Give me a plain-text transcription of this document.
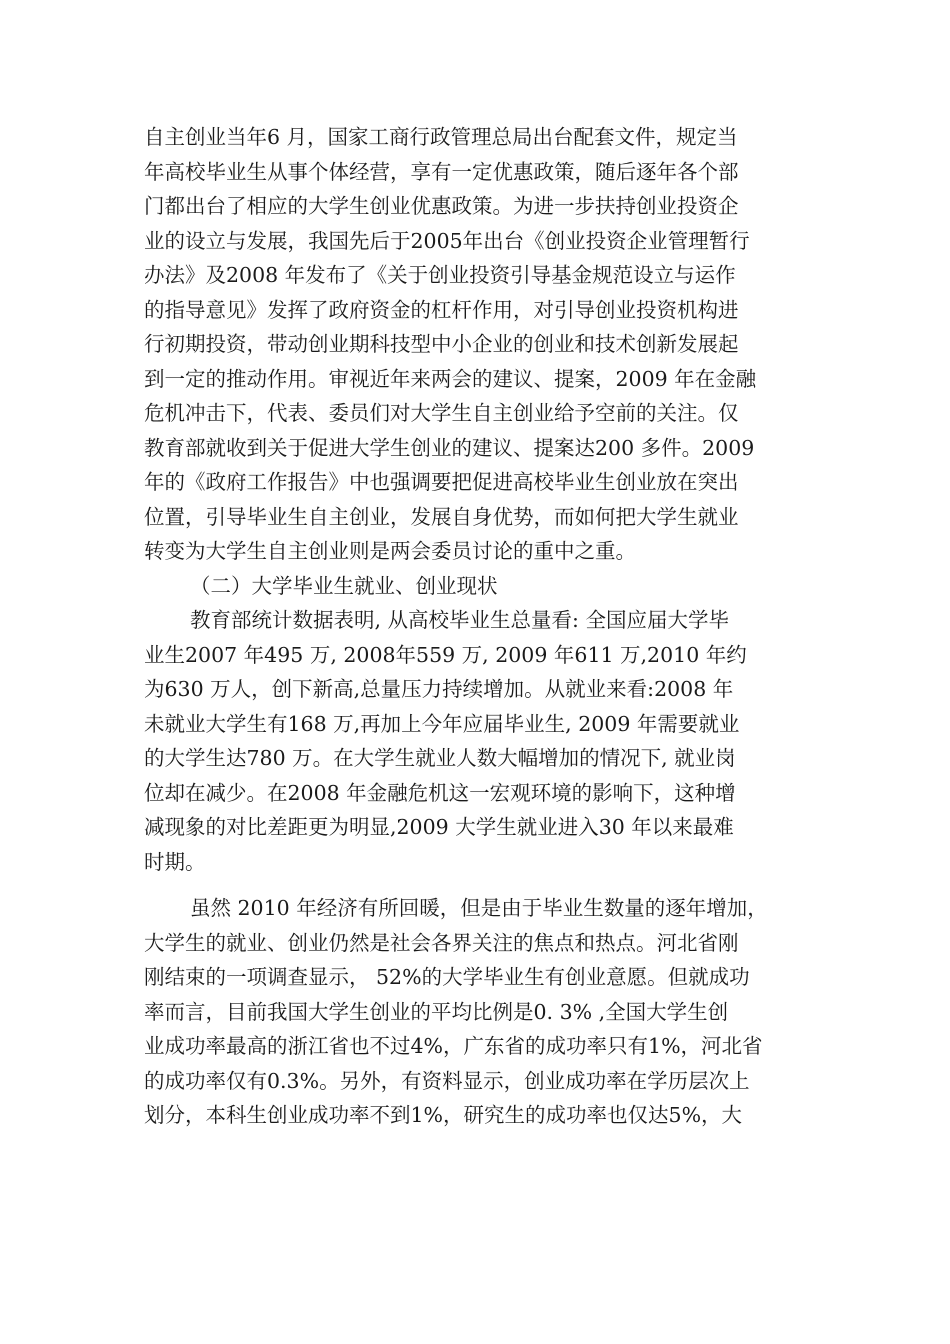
自主创业当年6 月，国家工商行政管理总局出台配套文件，规定当
年高校毕业生从事个体经营，享有一定优惠政策，随后逐年各个部
门都出台了相应的大学生创业优惠政策。为进一步扶持创业投资企
业的设立与发展，我国先后于2005年出台《创业投资企业管理暂行
办法》及2008 年发布了《关于创业投资引导基金规范设立与运作
的指导意见》发挥了政府资金的杠杆作用，对引导创业投资机构进
行初期投资，带动创业期科技型中小企业的创业和技术创新发展起
到一定的推动作用。审视近年来两会的建议、提案，2009 年在金融
危机冲击下，代表、委员们对大学生自主创业给予空前的关注。仅
教育部就收到关于促进大学生创业的建议、提案达200 多件。2009
年的《政府工作报告》中也强调要把促进高校毕业生创业放在突出
位置，引导毕业生自主创业，发展自身优势，而如何把大学生就业
转变为大学生自主创业则是两会委员讨论的重中之重。
（二）大学毕业生就业、创业现状
教育部统计数据表明, 从高校毕业生总量看: 全国应届大学毕
业生2007 年495 万, 2008年559 万, 2009 年611 万,2010 年约
为630 万人，创下新高,总量压力持续增加。从就业来看:2008 年
未就业大学生有168 万,再加上今年应届毕业生, 2009 年需要就业
的大学生达780 万。在大学生就业人数大幅增加的情况下, 就业岗
位却在减少。在2008 年金融危机这一宏观环境的影响下，这种增
减现象的对比差距更为明显,2009 大学生就业进入30 年以来最难
时期。
虽然 2010 年经济有所回暖，但是由于毕业生数量的逐年增加，
大学生的就业、创业仍然是社会各界关注的焦点和热点。河北省刚
刚结束的一项调查显示， 52%的大学毕业生有创业意愿。但就成功
率而言，目前我国大学生创业的平均比例是0. 3% ,全国大学生创
业成功率最高的浙江省也不过4%，广东省的成功率只有1%，河北省
的成功率仅有0.3%。另外，有资料显示，创业成功率在学历层次上
划分，本科生创业成功率不到1%，研究生的成功率也仅达5%，大
